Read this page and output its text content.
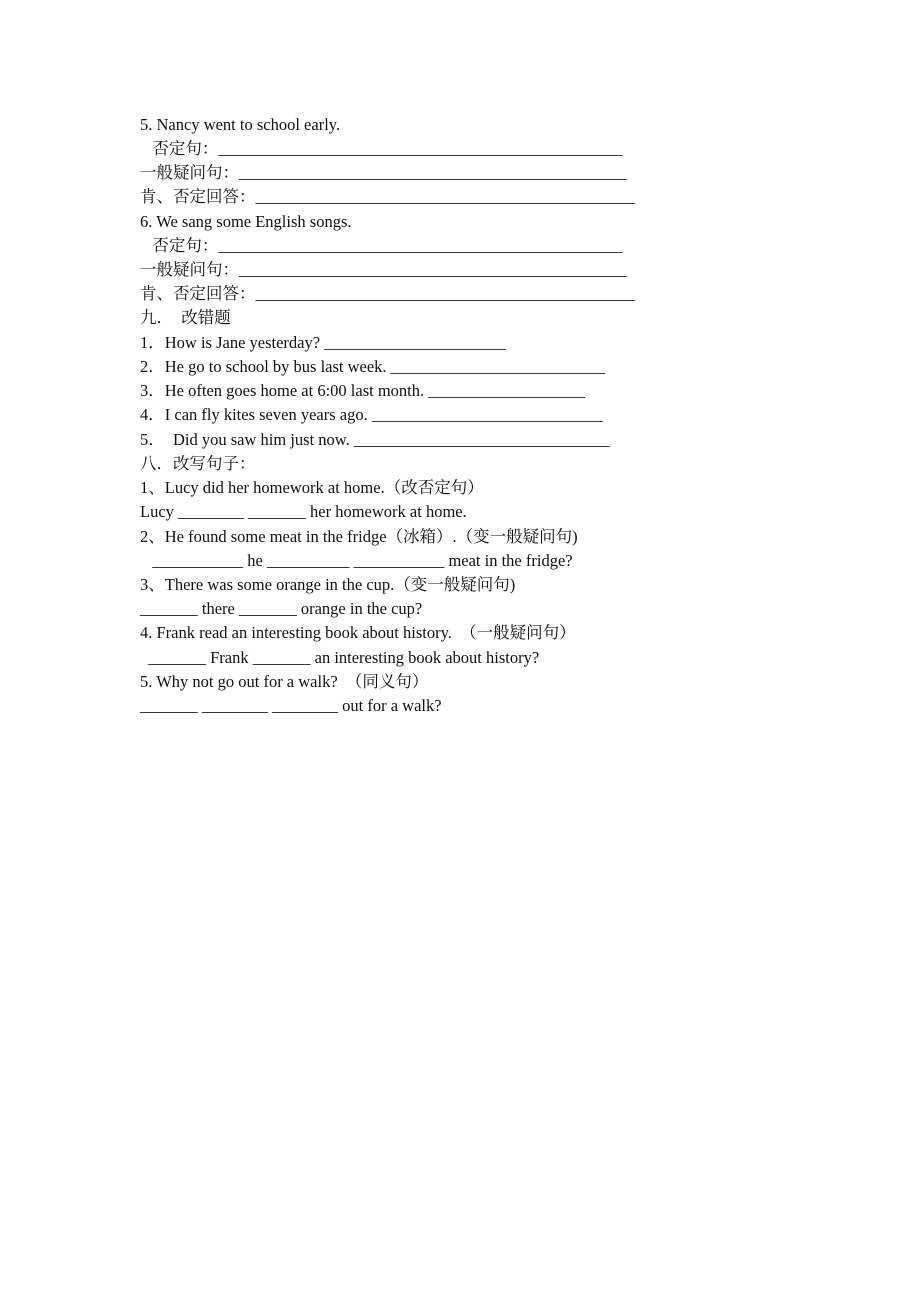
5. Nancy went to school early.
否定句：_________________________________________________
一般疑问句：_______________________________________________
肯、否定回答：______________________________________________
6. We sang some English songs.
否定句：_________________________________________________
一般疑问句：_______________________________________________
肯、否定回答：______________________________________________
九．　改错题
1．How is Jane yesterday? ______________________
2．He go to school by bus last week. __________________________
3．He often goes home at 6:00 last month. ___________________
4．I can fly kites seven years ago. ____________________________
5．　Did you saw him just now. _______________________________
八．改写句子：
1、Lucy did her homework at home.（改否定句）
Lucy ________ _______ her homework at home.
2、He found some meat in the fridge（冰箱）.（变一般疑问句)
___________ he __________ ___________ meat in the fridge?
3、There was some orange in the cup.（变一般疑问句)
_______ there _______ orange in the cup?
4. Frank read an interesting book about history.  （一般疑问句）
_______ Frank _______ an interesting book about history?
5. Why not go out for a walk?  （同义句）
_______ ________ ________ out for a walk?
